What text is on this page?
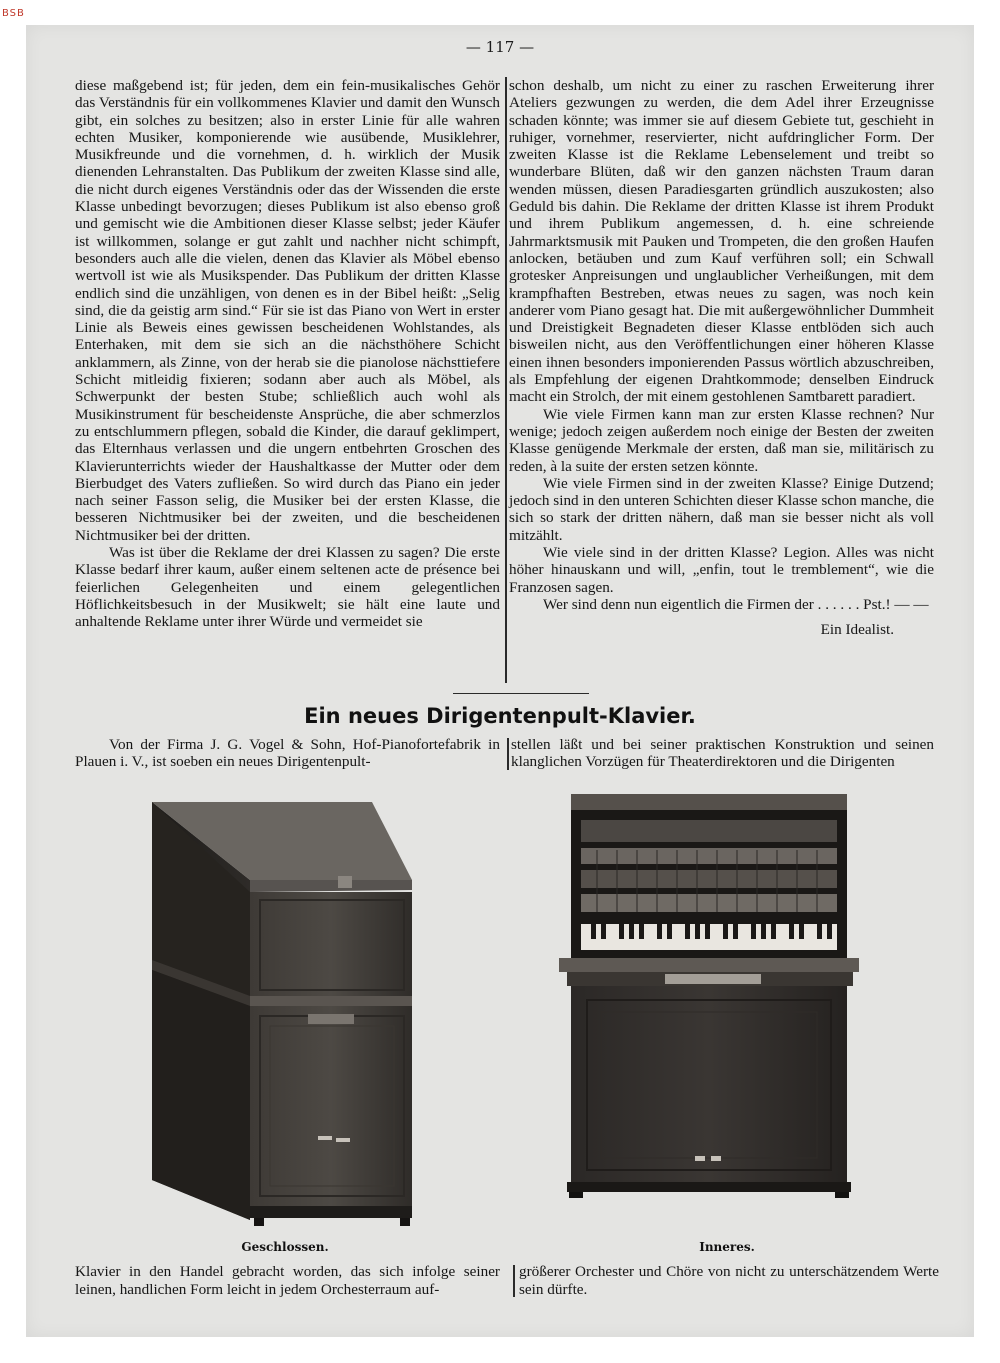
BSB
— 117 —

diese maßgebend ist; für jeden, dem ein fein-musikalisches Gehör das Verständnis für ein vollkommenes Klavier und damit den Wunsch gibt, ein solches zu besitzen; also in erster Linie für alle wahren echten Musiker, komponierende wie ausübende, Musiklehrer, Musikfreunde und die vornehmen, d. h. wirklich der Musik dienenden Lehranstalten. Das Publikum der zweiten Klasse sind alle, die nicht durch eigenes Verständnis oder das der Wissenden die erste Klasse unbedingt bevorzugen; dieses Publikum ist also ebenso groß und gemischt wie die Ambitionen dieser Klasse selbst; jeder Käufer ist willkommen, solange er gut zahlt und nachher nicht schimpft, besonders auch alle die vielen, denen das Klavier als Möbel ebenso wertvoll ist wie als Musikspender. Das Publikum der dritten Klasse endlich sind die unzähligen, von denen es in der Bibel heißt: „Selig sind, die da geistig arm sind.“ Für sie ist das Piano von Wert in erster Linie als Beweis eines gewissen bescheidenen Wohlstandes, als Enterhaken, mit dem sie sich an die nächsthöhere Schicht anklammern, als Zinne, von der herab sie die pianolose nächsttiefere Schicht mitleidig fixieren; sodann aber auch als Möbel, als Schwerpunkt der besten Stube; schließlich auch wohl als Musikinstrument für bescheidenste Ansprüche, die aber schmerzlos zu entschlummern pflegen, sobald die Kinder, die darauf geklimpert, das Elternhaus verlassen und die ungern entbehrten Groschen des Klavierunterrichts wieder der Haushaltkasse der Mutter oder dem Bierbudget des Vaters zufließen. So wird durch das Piano ein jeder nach seiner Fasson selig, die Musiker bei der ersten Klasse, die besseren Nichtmusiker bei der zweiten, und die bescheidenen Nichtmusiker bei der dritten.

Was ist über die Reklame der drei Klassen zu sagen? Die erste Klasse bedarf ihrer kaum, außer einem seltenen acte de présence bei feierlichen Gelegenheiten und einem gelegentlichen Höflichkeitsbesuch in der Musikwelt; sie hält eine laute und anhaltende Reklame unter ihrer Würde und vermeidet sie

schon deshalb, um nicht zu einer zu raschen Erweiterung ihrer Ateliers gezwungen zu werden, die dem Adel ihrer Erzeugnisse schaden könnte; was immer sie auf diesem Gebiete tut, geschieht in ruhiger, vornehmer, reservierter, nicht aufdringlicher Form. Der zweiten Klasse ist die Reklame Lebenselement und treibt so wunderbare Blüten, daß wir den ganzen nächsten Traum daran wenden müssen, diesen Paradiesgarten gründlich auszukosten; also Geduld bis dahin. Die Reklame der dritten Klasse ist ihrem Produkt und ihrem Publikum angemessen, d. h. eine schreiende Jahrmarktsmusik mit Pauken und Trompeten, die den großen Haufen anlocken, betäuben und zum Kauf verführen soll; ein Schwall grotesker Anpreisungen und unglaublicher Verheißungen, mit dem krampfhaften Bestreben, etwas neues zu sagen, was noch kein anderer vom Piano gesagt hat. Die mit außergewöhnlicher Dummheit und Dreistigkeit Begnadeten dieser Klasse entblöden sich auch bisweilen nicht, aus den Veröffentlichungen einer höheren Klasse einen ihnen besonders imponierenden Passus wörtlich abzuschreiben, als Empfehlung der eigenen Drahtkommode; denselben Eindruck macht ein Strolch, der mit einem gestohlenen Samtbarett paradiert.

Wie viele Firmen kann man zur ersten Klasse rechnen? Nur wenige; jedoch zeigen außerdem noch einige der Besten der zweiten Klasse genügende Merkmale der ersten, daß man sie, militärisch zu reden, à la suite der ersten setzen könnte.

Wie viele Firmen sind in der zweiten Klasse? Einige Dutzend; jedoch sind in den unteren Schichten dieser Klasse schon manche, die sich so stark der dritten nähern, daß man sie besser nicht als voll mitzählt.

Wie viele sind in der dritten Klasse? Legion. Alles was nicht höher hinauskann und will, „enfin, tout le tremblement“, wie die Franzosen sagen.

Wer sind denn nun eigentlich die Firmen der . . . . . . Pst.! — —

Ein Idealist.

Ein neues Dirigentenpult-Klavier.
Von der Firma J. G. Vogel & Sohn, Hof-Pianofortefabrik in Plauen i. V., ist soeben ein neues Dirigentenpult-
stellen läßt und bei seiner praktischen Konstruktion und seinen klanglichen Vorzügen für Theaterdirektoren und die Dirigenten
Geschlossen.	Inneres.
Klavier in den Handel gebracht worden, das sich infolge seiner leinen, handlichen Form leicht in jedem Orchesterraum auf-
größerer Orchester und Chöre von nicht zu unterschätzendem Werte sein dürfte.
